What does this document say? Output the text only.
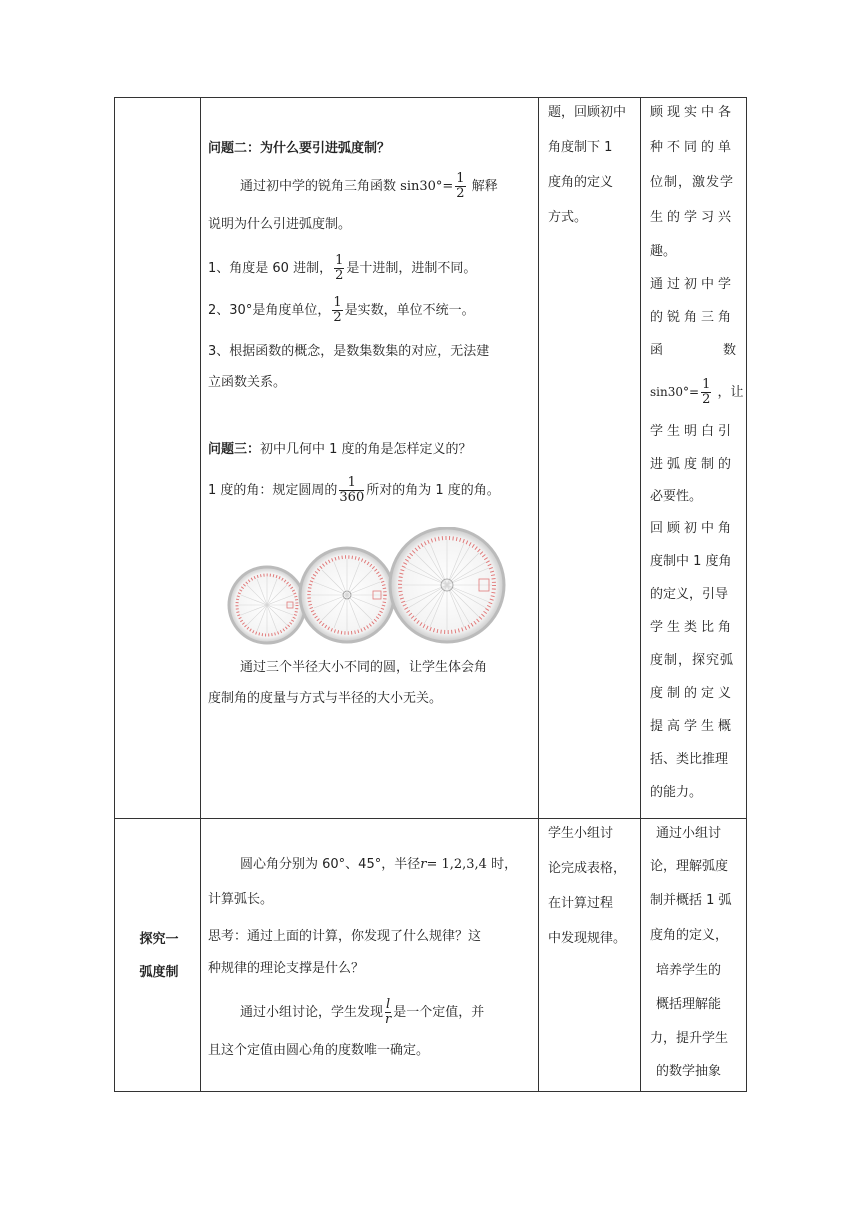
问题二：为什么要引进弧度制？
通过初中学的锐角三角函数 $\sin 30^\circ= \frac{1}{2}$ 解释
说明为什么引进弧度制。
1、角度是 60 进制， $\frac{1}{2}$ 是十进制，进制不同。
2、30°是角度单位， $\frac{1}{2}$ 是实数，单位不统一。
3、根据函数的概念，是数集数集的对应，无法建
立函数关系。
问题三：初中几何中 1 度的角是怎样定义的？
1 度的角：规定圆周的 $\frac{1}{360}$ 所对的角为 1 度的角。
通过三个半径大小不同的圆，让学生体会角
度制角的度量与方式与半径的大小无关。
题，回顾初中
角度制下 1
度角的定义
方式。
顾现实中各
种不同的单
位制，激发学
生的学习兴
趣。
通过初中学
的锐角三角
函	数
$\sin 30^\circ= \frac{1}{2}$ ，让
学生明白引
进弧度制的
必要性。
回顾初中角
度制中 1 度角
的定义，引导
学生类比角
度制，探究弧
度制的定义
提高学生概
括、类比推理
的能力。
探究一
弧度制
圆心角分别为 60°、45°，半径r= 1,2,3,4 时，
计算弧长。
思考：通过上面的计算，你发现了什么规律？这
种规律的理论支撑是什么？
通过小组讨论，学生发现 $\frac{l}{r}$ 是一个定值，并
且这个定值由圆心角的度数唯一确定。
学生小组讨
论完成表格，
在计算过程
中发现规律。
通过小组讨
论，理解弧度
制并概括 1 弧
度角的定义，
培养学生的
概括理解能
力，提升学生
的数学抽象
